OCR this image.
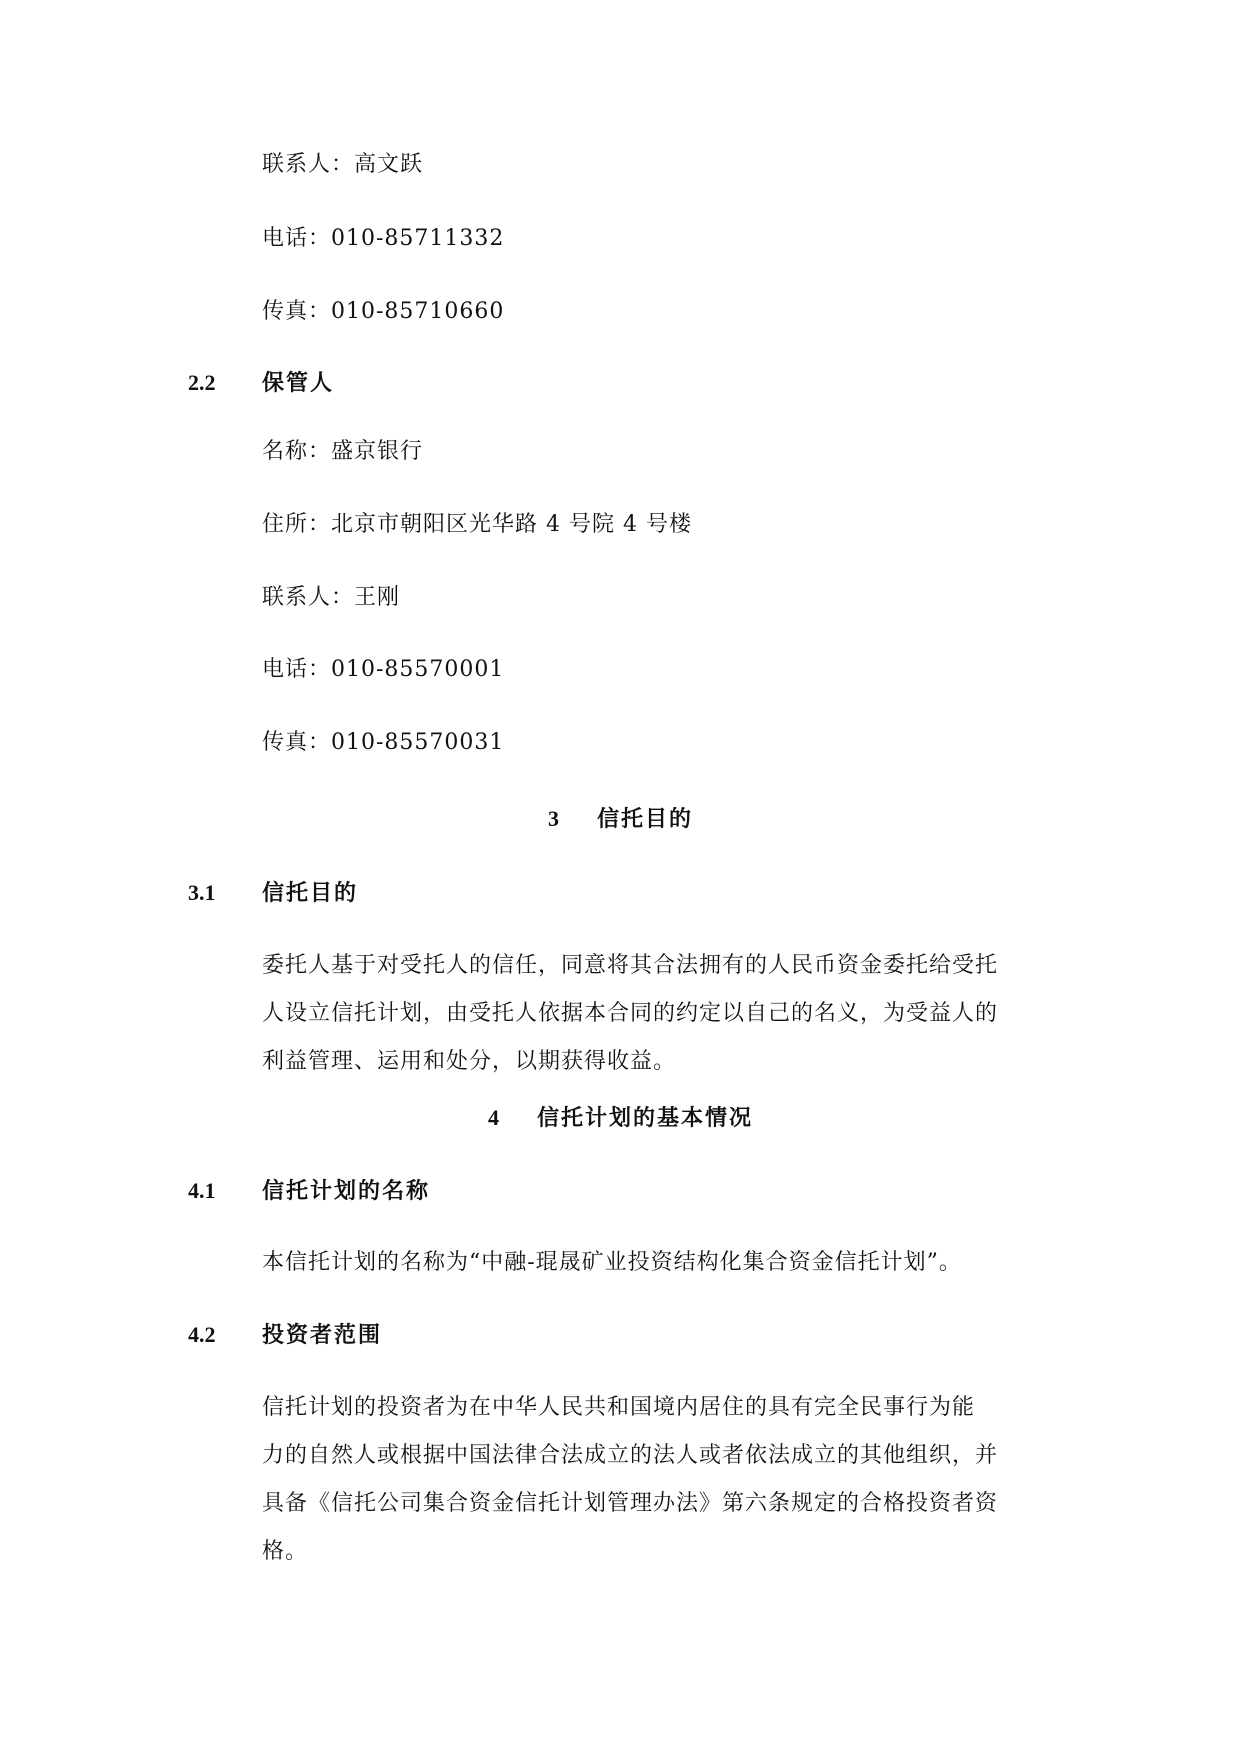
联系人：高文跃
电话：010-85711332
传真：010-85710660
2.2 保管人
名称：盛京银行
住所：北京市朝阳区光华路 4 号院 4 号楼
联系人：王刚
电话：010-85570001
传真：010-85570031
3 信托目的
3.1 信托目的
委托人基于对受托人的信任，同意将其合法拥有的人民币资金委托给受托
人设立信托计划，由受托人依据本合同的约定以自己的名义，为受益人的
利益管理、运用和处分，以期获得收益。
4 信托计划的基本情况
4.1 信托计划的名称
本信托计划的名称为“中融-琨晟矿业投资结构化集合资金信托计划”。
4.2 投资者范围
信托计划的投资者为在中华人民共和国境内居住的具有完全民事行为能
力的自然人或根据中国法律合法成立的法人或者依法成立的其他组织，并
具备《信托公司集合资金信托计划管理办法》第六条规定的合格投资者资
格。
